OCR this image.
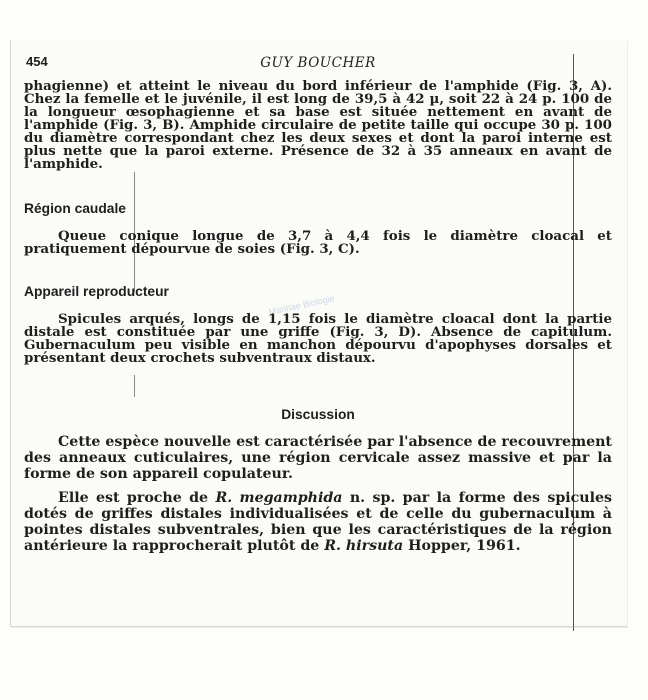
Marinae Biologie
454	GUY BOUCHER

phagienne) et atteint le niveau du bord inférieur de l'amphide (Fig. 3, A). Chez la femelle et le juvénile, il est long de 39,5 à 42 µ, soit 22 à 24 p. 100 de la longueur œsophagienne et sa base est située nettement en avant de l'amphide (Fig. 3, B). Amphide circulaire de petite taille qui occupe 30 p. 100 du diamètre correspondant chez les deux sexes et dont la paroi interne est plus nette que la paroi externe. Présence de 32 à 35 anneaux en avant de l'amphide.

Région caudale

Queue conique longue de 3,7 à 4,4 fois le diamètre cloacal et pratiquement dépourvue de soies (Fig. 3, C).

Appareil reproducteur

Spicules arqués, longs de 1,15 fois le diamètre cloacal dont la partie distale est constituée par une griffe (Fig. 3, D). Absence de capitulum. Gubernaculum peu visible en manchon dépourvu d'apophyses dorsales et présentant deux crochets subventraux distaux.

Discussion

Cette espèce nouvelle est caractérisée par l'absence de recouvrement des anneaux cuticulaires, une région cervicale assez massive et par la forme de son appareil copulateur.

Elle est proche de R. megamphida n. sp. par la forme des spicules dotés de griffes distales individualisées et de celle du gubernaculum à pointes distales subventrales, bien que les caractéristiques de la région antérieure la rapprocherait plutôt de R. hirsuta Hopper, 1961.
